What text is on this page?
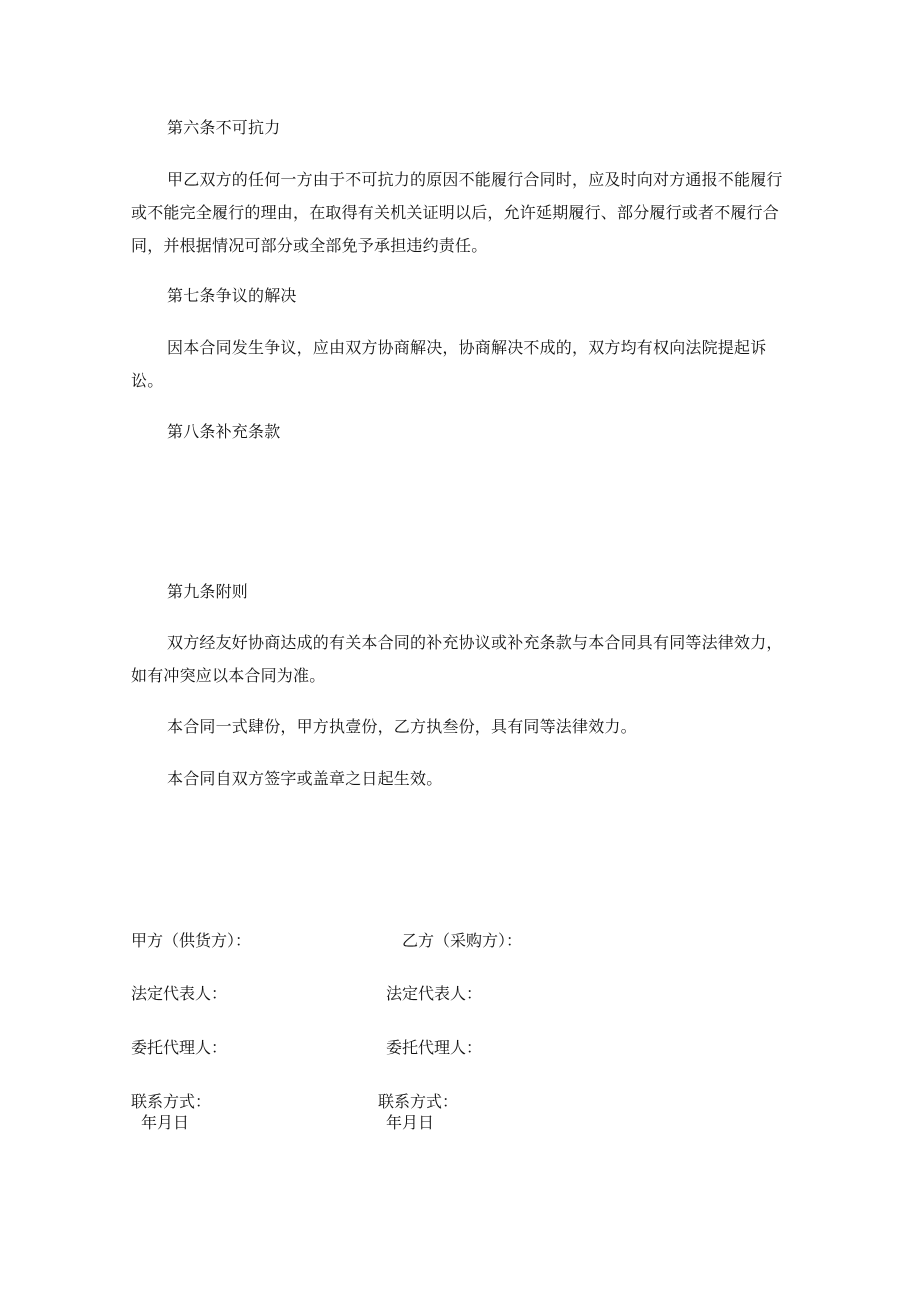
第六条不可抗力

甲乙双方的任何一方由于不可抗力的原因不能履行合同时，应及时向对方通报不能履行或不能完全履行的理由，在取得有关机关证明以后，允许延期履行、部分履行或者不履行合同，并根据情况可部分或全部免予承担违约责任。

第七条争议的解决

因本合同发生争议，应由双方协商解决，协商解决不成的，双方均有权向法院提起诉讼。

第八条补充条款

第九条附则

双方经友好协商达成的有关本合同的补充协议或补充条款与本合同具有同等法律效力，如有冲突应以本合同为准。

本合同一式肆份，甲方执壹份，乙方执叁份，具有同等法律效力。

本合同自双方签字或盖章之日起生效。

甲方（供货方）：	乙方（采购方）：

法定代表人：	法定代表人：

委托代理人：	委托代理人：

联系方式：	联系方式：

年月日	年月日
